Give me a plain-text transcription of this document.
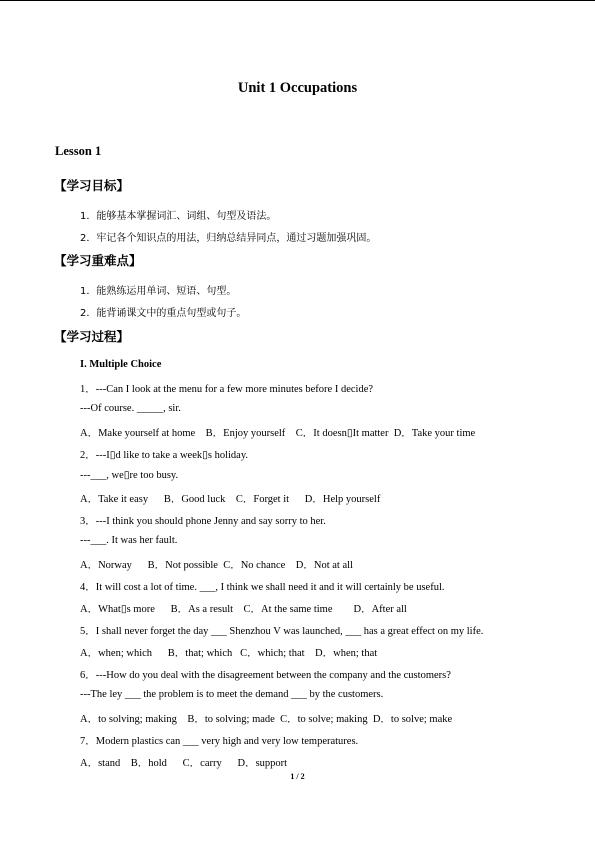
Unit 1 Occupations
Lesson 1
【学习目标】
1．能够基本掌握词汇、词组、句型及语法。
2．牢记各个知识点的用法，归纳总结异同点，通过习题加强巩固。
【学习重难点】
1．能熟练运用单词、短语、句型。
2．能背诵课文中的重点句型或句子。
【学习过程】
I. Multiple Choice
1．---Can I look at the menu for a few more minutes before I decide?
---Of course. _____, sir.
A．Make yourself at home    B．Enjoy yourself    C．It doesn▯It matter  D．Take your time
2．---I▯d like to take a week▯s holiday.
---___, we▯re too busy.
A．Take it easy      B．Good luck    C．Forget it      D．Help yourself
3．---I think you should phone Jenny and say sorry to her.
---___. It was her fault.
A．Norway      B．Not possible  C．No chance    D．Not at all
4．It will cost a lot of time. ___, I think we shall need it and it will certainly be useful.
A．What▯s more      B．As a result    C．At the same time        D．After all
5．I shall never forget the day ___ Shenzhou V was launched, ___ has a great effect on my life.
A．when; which      B．that; which   C．which; that    D．when; that
6．---How do you deal with the disagreement between the company and the customers?
---The ley ___ the problem is to meet the demand ___ by the customers.
A．to solving; making    B．to solving; made  C．to solve; making  D．to solve; make
7．Modern plastics can ___ very high and very low temperatures.
A．stand    B．hold      C．carry      D．support
1 / 2
